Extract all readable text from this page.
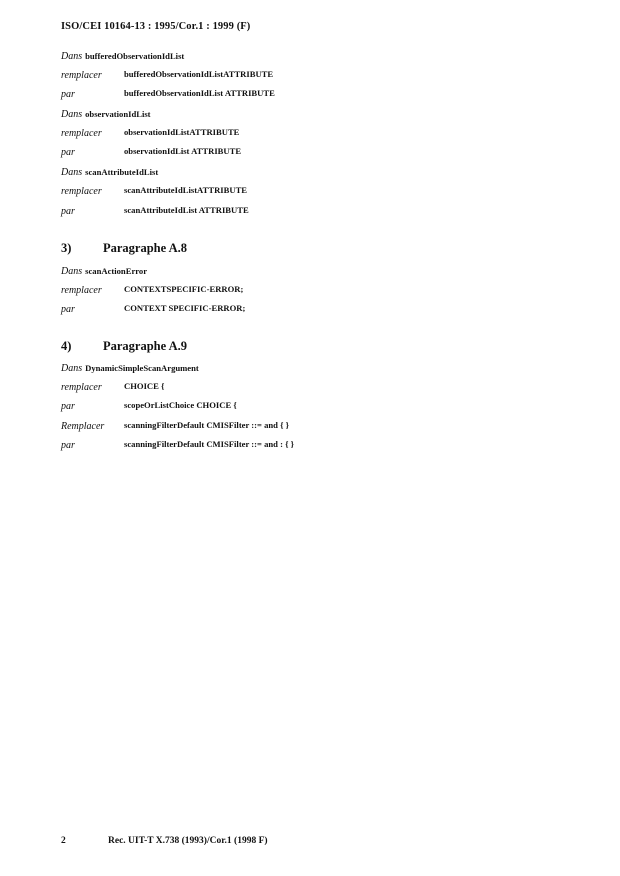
ISO/CEI 10164-13 : 1995/Cor.1 : 1999 (F)
Dans bufferedObservationIdList
remplacer	bufferedObservationIdListATTRIBUTE
par	bufferedObservationIdList ATTRIBUTE
Dans observationIdList
remplacer	observationIdListATTRIBUTE
par	observationIdList ATTRIBUTE
Dans scanAttributeIdList
remplacer	scanAttributeIdListATTRIBUTE
par	scanAttributeIdList ATTRIBUTE
3)	Paragraphe A.8
Dans scanActionError
remplacer	CONTEXTSPECIFIC-ERROR;
par	CONTEXT SPECIFIC-ERROR;
4)	Paragraphe A.9
Dans DynamicSimpleScanArgument
remplacer	CHOICE {
par	scopeOrListChoice CHOICE {
Remplacer scanningFilterDefault CMISFilter ::= and { }
par	scanningFilterDefault CMISFilter ::= and : { }
2	Rec. UIT-T X.738 (1993)/Cor.1 (1998 F)
